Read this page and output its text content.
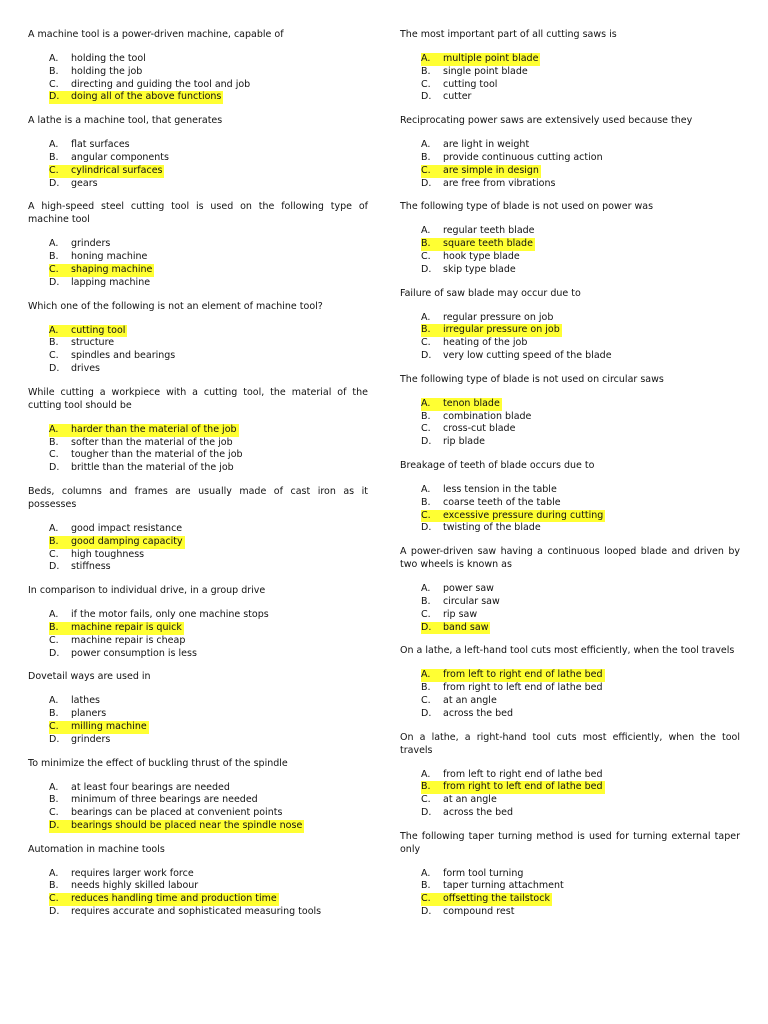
A machine tool is a power-driven machine, capable of
A.	holding the tool
B.	holding the job
C.	directing and guiding the tool and job
D.	doing all of the above functions
A lathe is a machine tool, that generates
A.	flat surfaces
B.	angular components
C.	cylindrical surfaces
D.	gears
A high-speed steel cutting tool is used on the following type of machine tool
A.	grinders
B.	honing machine
C.	shaping machine
D.	lapping machine
Which one of the following is not an element of machine tool?
A.	cutting tool
B.	structure
C.	spindles and bearings
D.	drives
While cutting a workpiece with a cutting tool, the material of the cutting tool should be
A.	harder than the material of the job
B.	softer than the material of the job
C.	tougher than the material of the job
D.	brittle than the material of the job
Beds, columns and frames are usually made of cast iron as it possesses
A.	good impact resistance
B.	good damping capacity
C.	high toughness
D.	stiffness
In comparison to individual drive, in a group drive
A.	if the motor fails, only one machine stops
B.	machine repair is quick
C.	machine repair is cheap
D.	power consumption is less
Dovetail ways are used in
A.	lathes
B.	planers
C.	milling machine
D.	grinders
To minimize the effect of buckling thrust of the spindle
A.	at least four bearings are needed
B.	minimum of three bearings are needed
C.	bearings can be placed at convenient points
D.	bearings should be placed near the spindle nose
Automation in machine tools
A.	requires larger work force
B.	needs highly skilled labour
C.	reduces handling time and production time
D.	requires accurate and sophisticated measuring tools
The most important part of all cutting saws is
A.	multiple point blade
B.	single point blade
C.	cutting tool
D.	cutter
Reciprocating power saws are extensively used because they
A.	are light in weight
B.	provide continuous cutting action
C.	are simple in design
D.	are free from vibrations
The following type of blade is not used on power was
A.	regular teeth blade
B.	square teeth blade
C.	hook type blade
D.	skip type blade
Failure of saw blade may occur due to
A.	regular pressure on job
B.	irregular pressure on job
C.	heating of the job
D.	very low cutting speed of the blade
The following type of blade is not used on circular saws
A.	tenon blade
B.	combination blade
C.	cross-cut blade
D.	rip blade
Breakage of teeth of blade occurs due to
A.	less tension in the table
B.	coarse teeth of the table
C.	excessive pressure during cutting
D.	twisting of the blade
A power-driven saw having a continuous looped blade and driven by two wheels is known as
A.	power saw
B.	circular saw
C.	rip saw
D.	band saw
On a lathe, a left-hand tool cuts most efficiently, when the tool travels
A.	from left to right end of lathe bed
B.	from right to left end of lathe bed
C.	at an angle
D.	across the bed
On a lathe, a right-hand tool cuts most efficiently, when the tool travels
A.	from left to right end of lathe bed
B.	from right to left end of lathe bed
C.	at an angle
D.	across the bed
The following taper turning method is used for turning external taper only
A.	form tool turning
B.	taper turning attachment
C.	offsetting the tailstock
D.	compound rest
